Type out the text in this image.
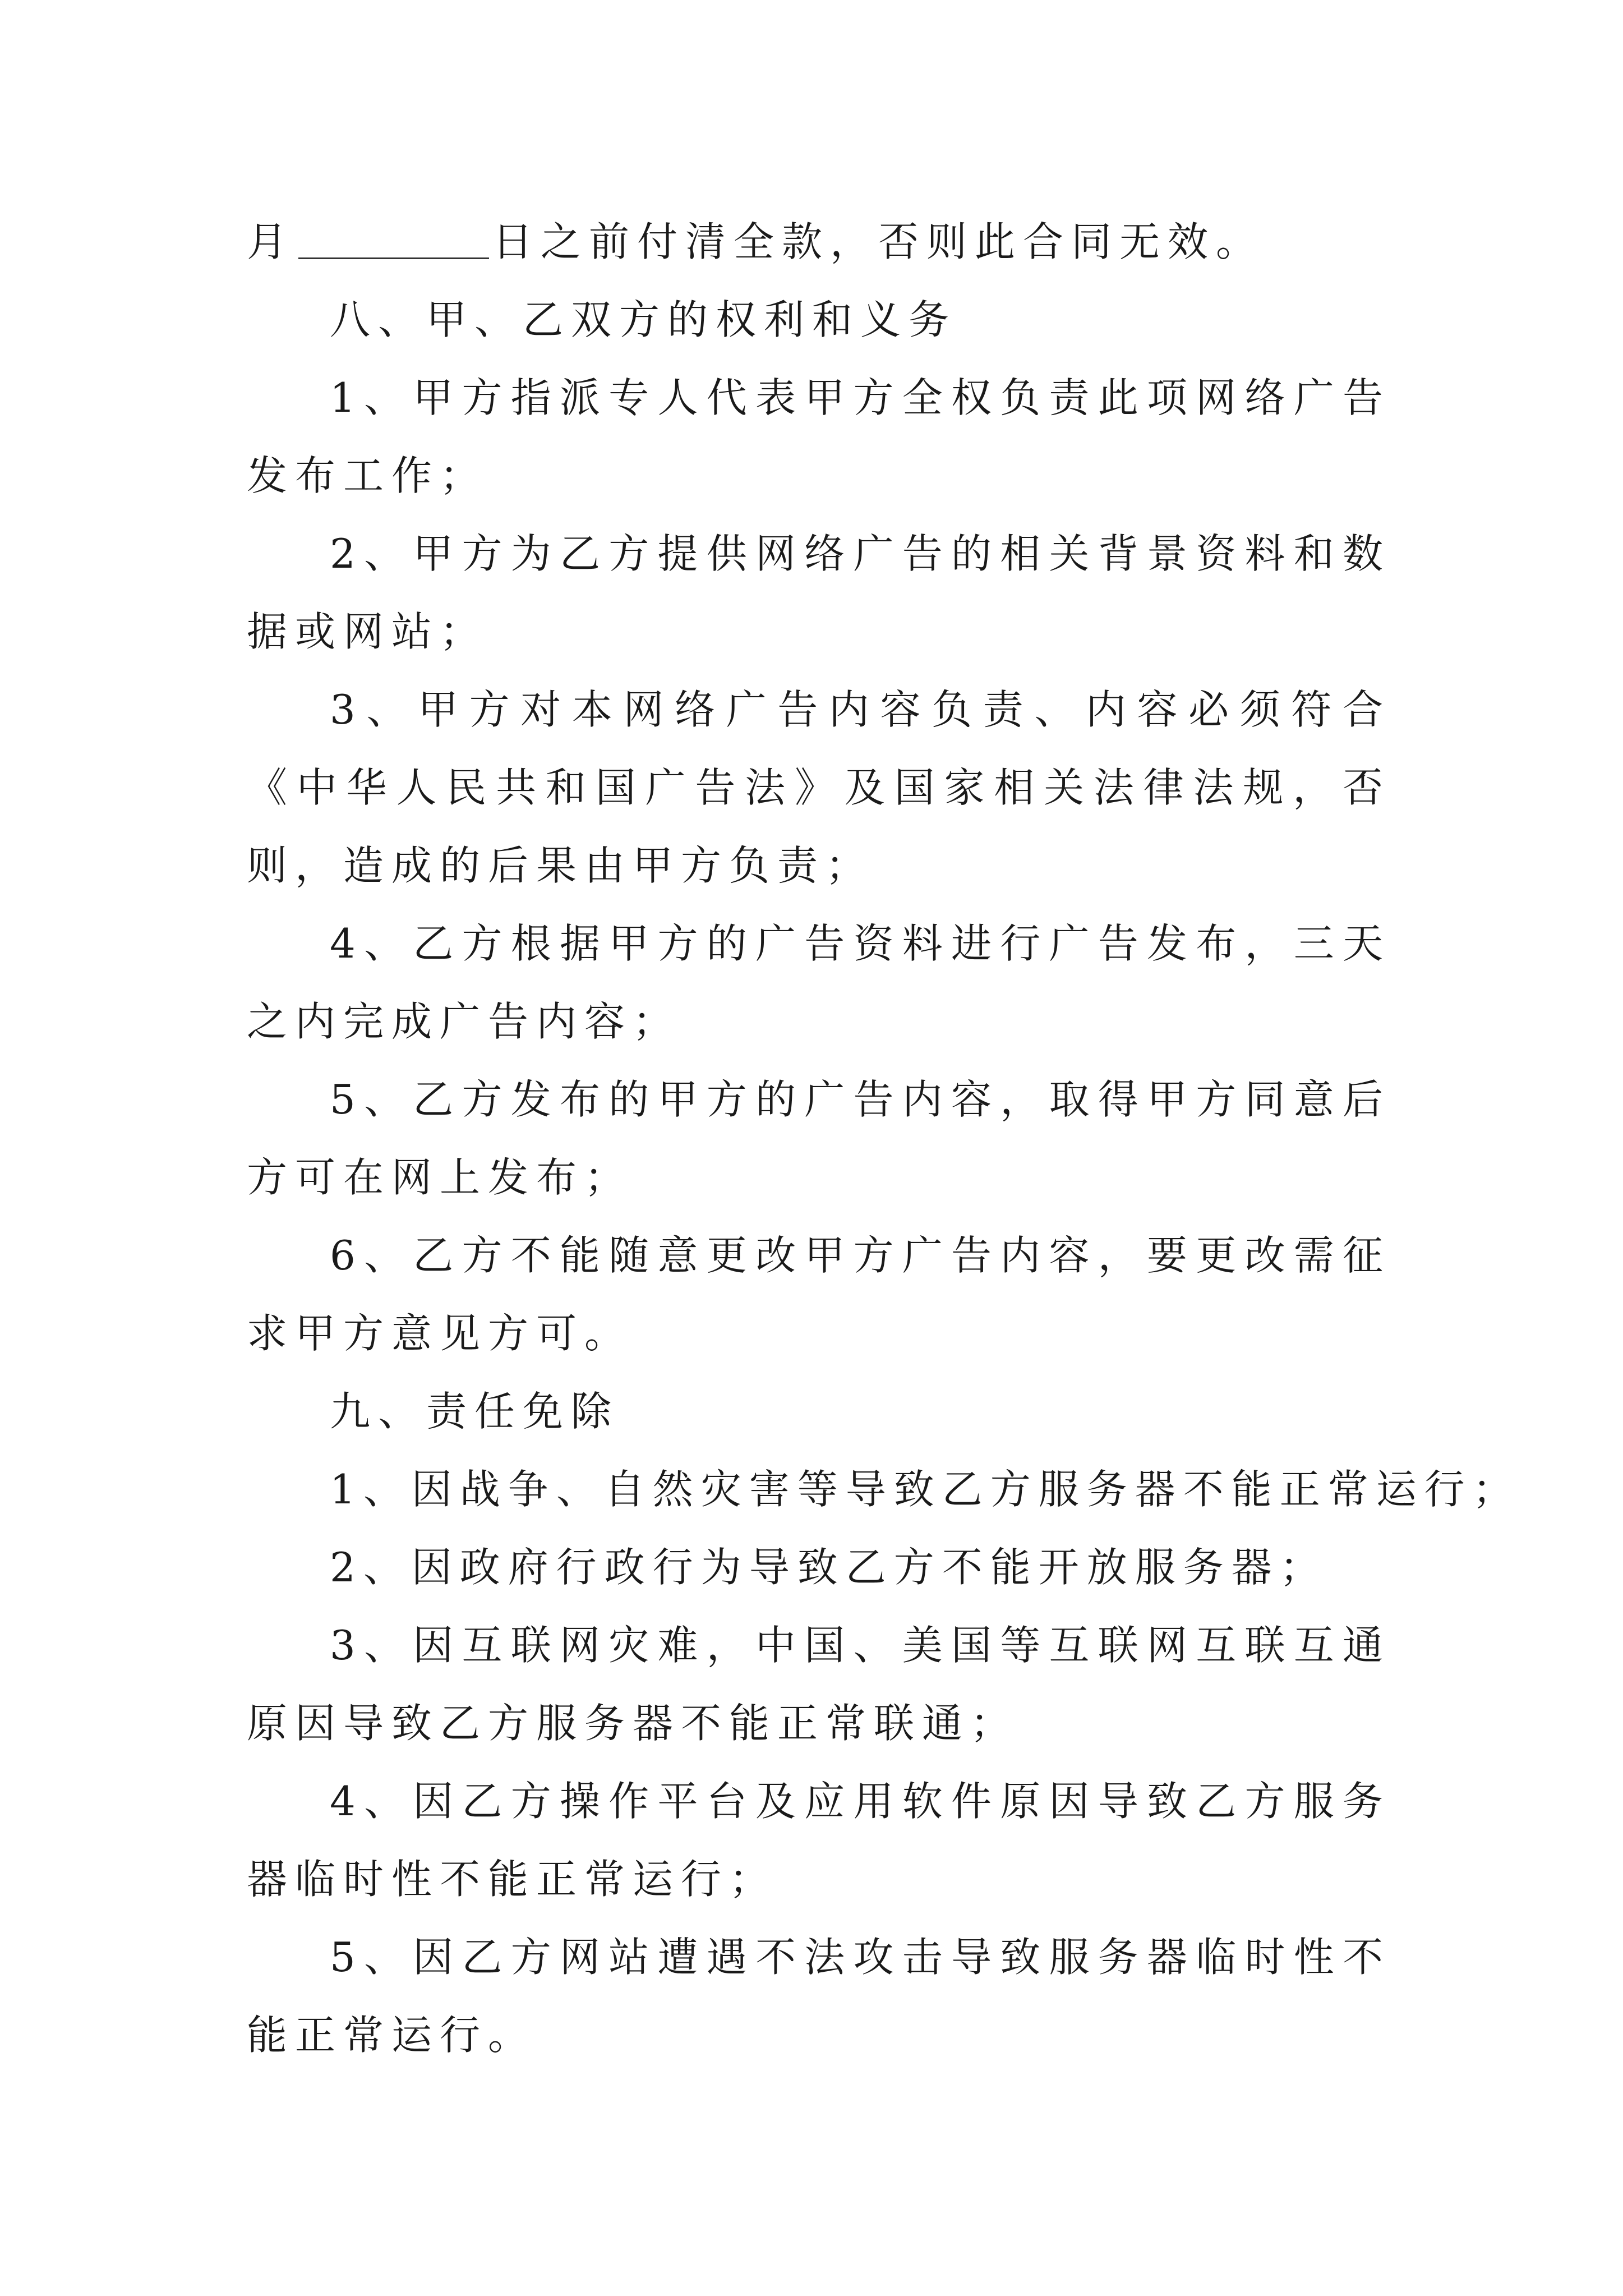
月	日之前付清全款，否则此合同无效。

八、甲、乙双方的权利和义务

1、甲方指派专人代表甲方全权负责此项网络广告发布工作；

2、甲方为乙方提供网络广告的相关背景资料和数据或网站；

3、甲方对本网络广告内容负责、内容必须符合《中华人民共和国广告法》及国家相关法律法规，否则，造成的后果由甲方负责；

4、乙方根据甲方的广告资料进行广告发布，三天之内完成广告内容；

5、乙方发布的甲方的广告内容，取得甲方同意后方可在网上发布；

6、乙方不能随意更改甲方广告内容，要更改需征求甲方意见方可。

九、责任免除

1、因战争、自然灾害等导致乙方服务器不能正常运行；

2、因政府行政行为导致乙方不能开放服务器；

3、因互联网灾难，中国、美国等互联网互联互通原因导致乙方服务器不能正常联通；

4、因乙方操作平台及应用软件原因导致乙方服务器临时性不能正常运行；

5、因乙方网站遭遇不法攻击导致服务器临时性不能正常运行。
